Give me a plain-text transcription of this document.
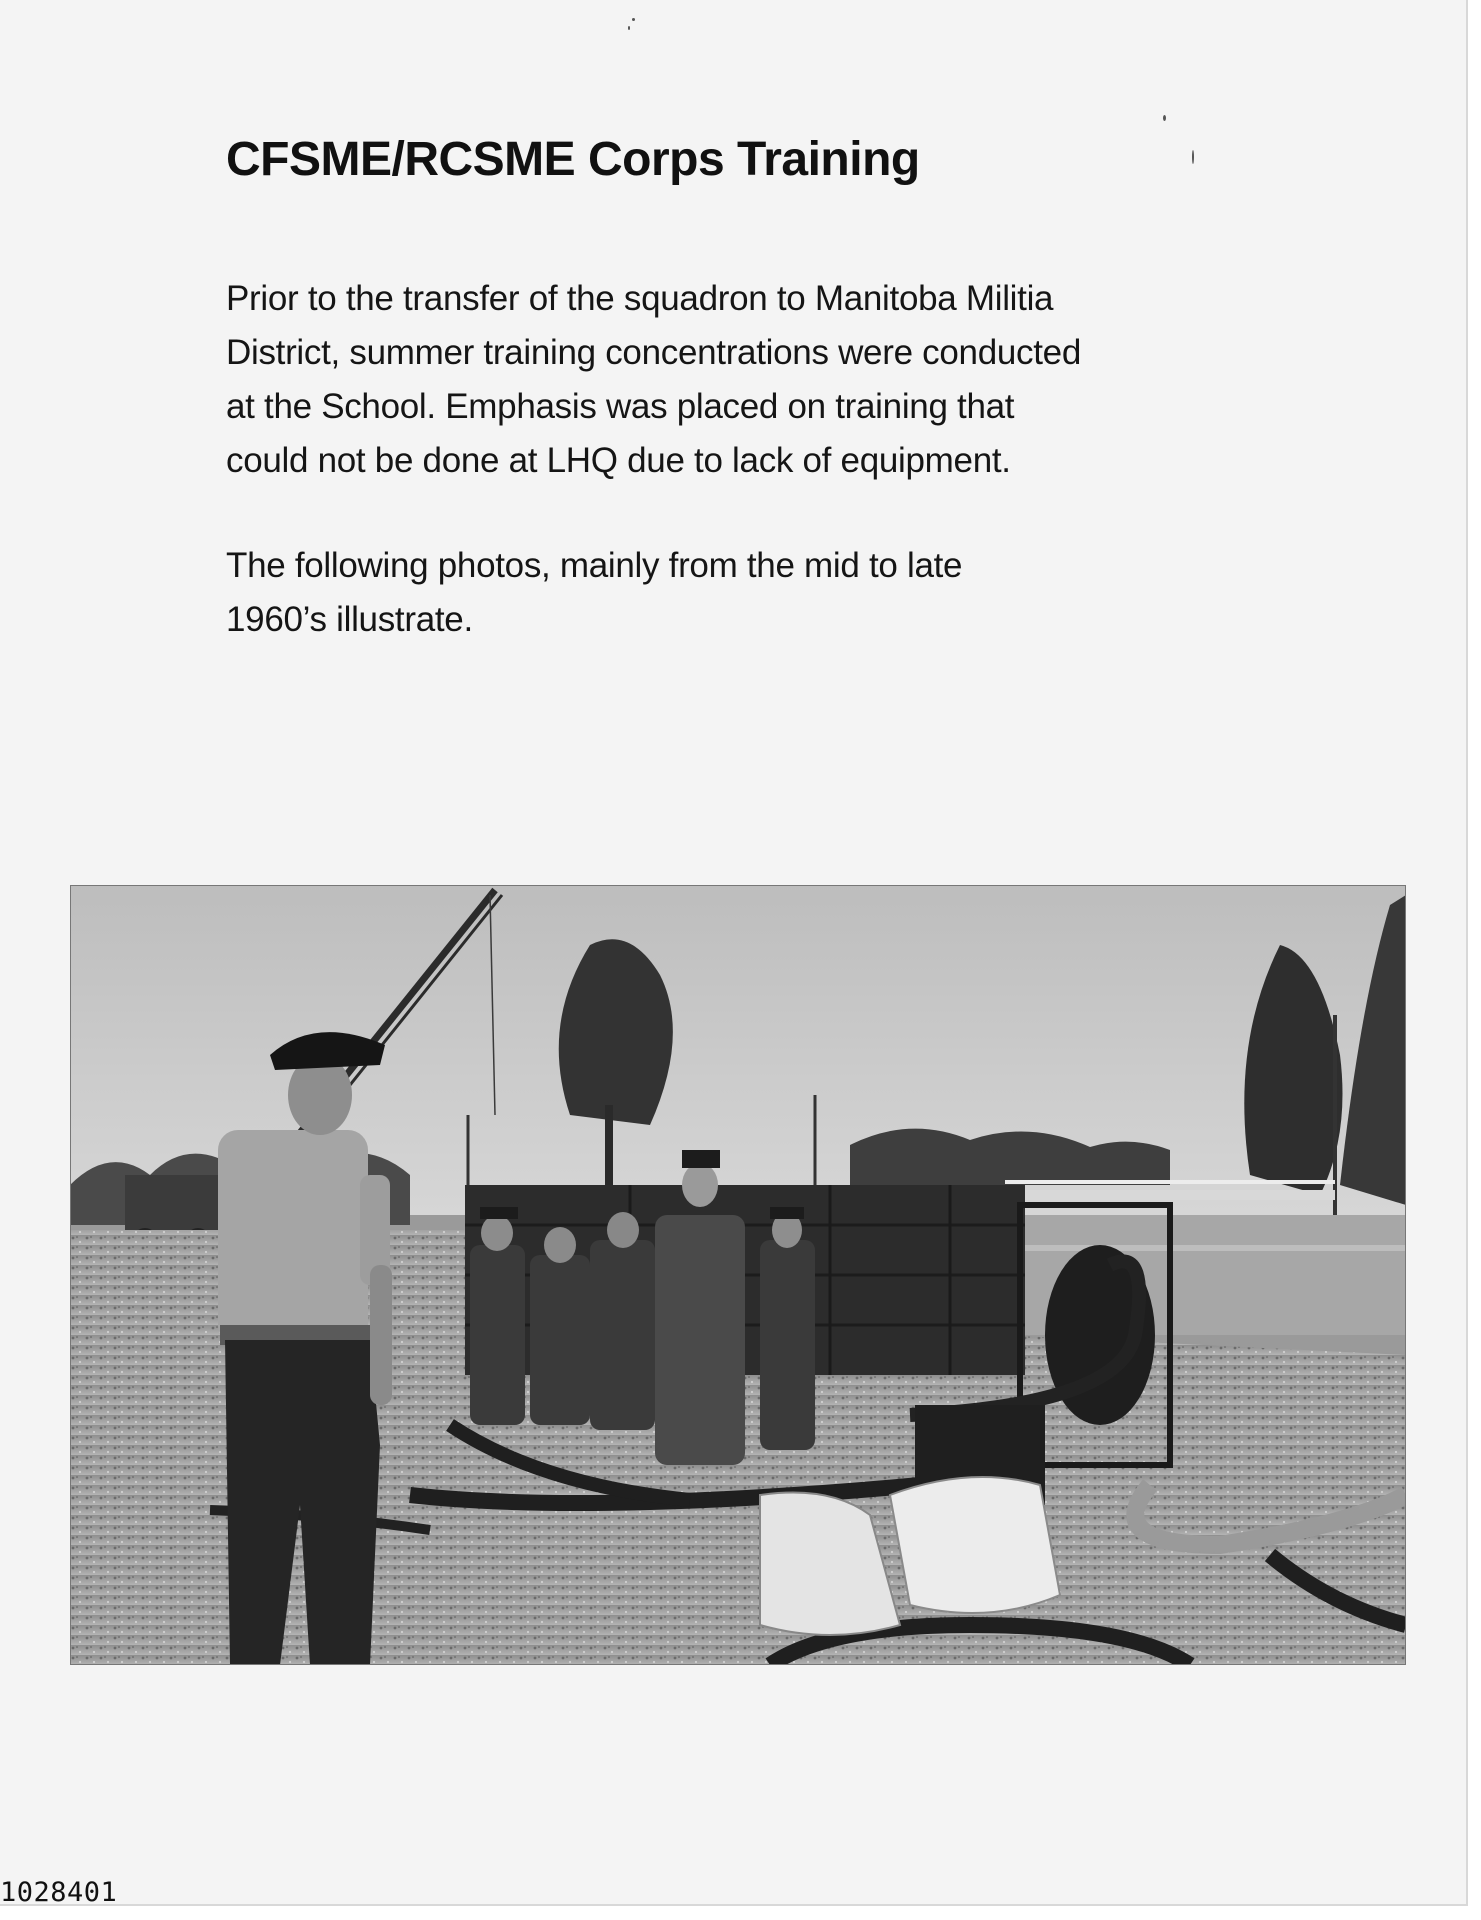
CFSME/RCSME Corps Training

Prior to the transfer of the squadron to Manitoba Militia
District, summer training concentrations were conducted
at the School. Emphasis was placed on training that
could not be done at LHQ due to lack of equipment.

The following photos, mainly from the mid to late
1960’s illustrate.

1028401
